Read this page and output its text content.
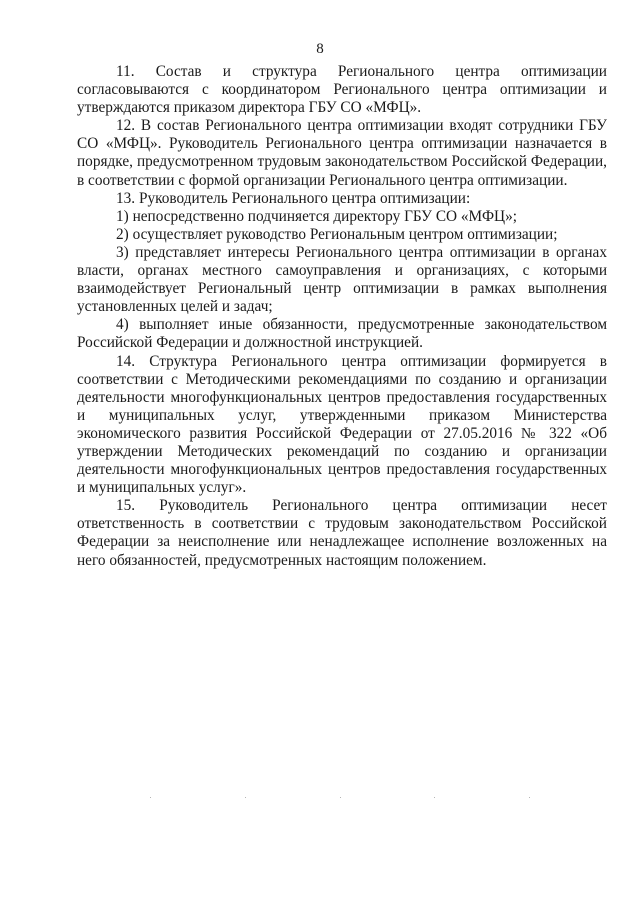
8

11. Состав и структура Регионального центра оптимизации согласовываются с координатором Регионального центра оптимизации и утверждаются приказом директора ГБУ СО «МФЦ».

12. В состав Регионального центра оптимизации входят сотрудники ГБУ СО «МФЦ». Руководитель Регионального центра оптимизации назначается в порядке, предусмотренном трудовым законодательством Российской Федерации, в соответствии с формой организации Регионального центра оптимизации.

13. Руководитель Регионального центра оптимизации:

1) непосредственно подчиняется директору ГБУ СО «МФЦ»;

2) осуществляет руководство Региональным центром оптимизации;

3) представляет интересы Регионального центра оптимизации в органах власти, органах местного самоуправления и организациях, с которыми взаимодействует Региональный центр оптимизации в рамках выполнения установленных целей и задач;

4) выполняет иные обязанности, предусмотренные законодательством Российской Федерации и должностной инструкцией.

14. Структура Регионального центра оптимизации формируется в соответствии с Методическими рекомендациями по созданию и организации деятельности многофункциональных центров предоставления государственных и муниципальных услуг, утвержденными приказом Министерства экономического развития Российской Федерации от 27.05.2016 № 322 «Об утверждении Методических рекомендаций по созданию и организации деятельности многофункциональных центров предоставления государственных и муниципальных услуг».

15. Руководитель Регионального центра оптимизации несет ответственность в соответствии с трудовым законодательством Российской Федерации за неисполнение или ненадлежащее исполнение возложенных на него обязанностей, предусмотренных настоящим положением.
